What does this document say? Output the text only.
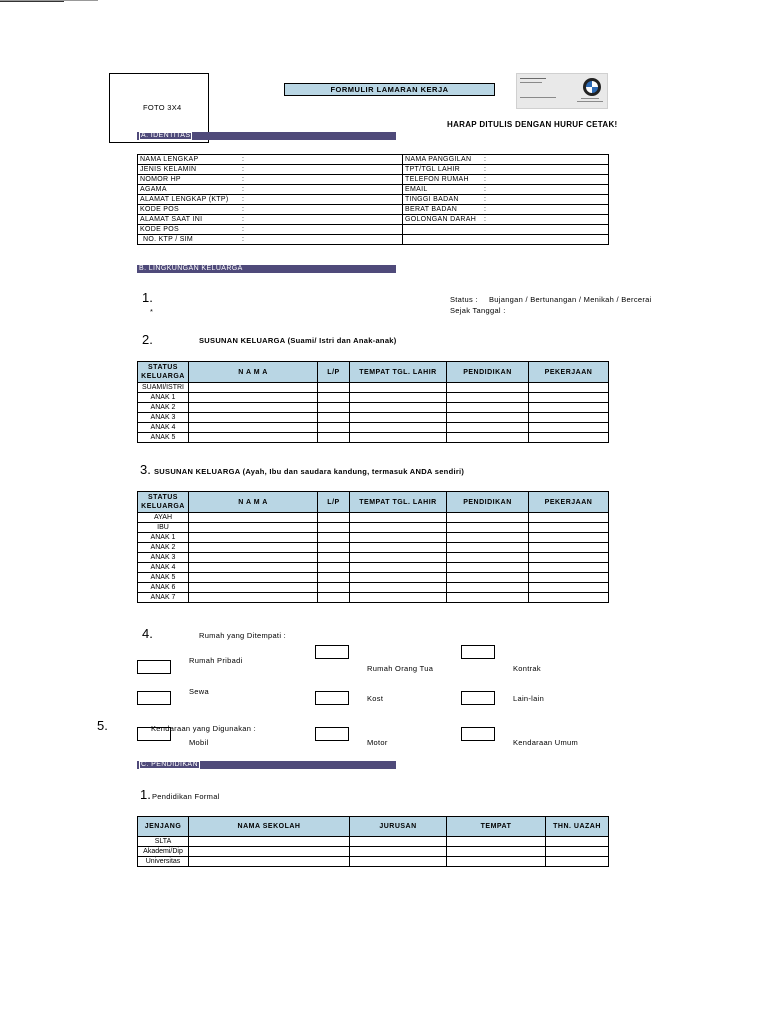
FOTO 3X4
FORMULIR LAMARAN KERJA
HARAP DITULIS DENGAN HURUF CETAK!
A. IDENTITAS
NAMA LENGKAP	:	NAMA PANGGILAN	:
JENIS KELAMIN	:	TPT/TGL LAHIR	:
NOMOR HP	:	TELEFON RUMAH	:
AGAMA	:	EMAIL	:
ALAMAT LENGKAP (KTP)	:	TINGGI BADAN	:
KODE POS	:	BERAT BADAN	:
ALAMAT SAAT INI	:	GOLONGAN DARAH	:
KODE POS	:		
NO. KTP / SIM	:		
B. LINGKUNGAN KELUARGA
1.
*
Status : Bujangan / Bertunangan / Menikah / Bercerai
Sejak Tanggal :
2.	SUSUNAN KELUARGA (Suami/ Istri dan Anak-anak)
STATUS KELUARGA	N A M A	L/P	TEMPAT TGL. LAHIR	PENDIDIKAN	PEKERJAAN
SUAMI/ISTRI					
ANAK 1					
ANAK 2					
ANAK 3					
ANAK 4					
ANAK 5					
3. SUSUNAN KELUARGA (Ayah, Ibu dan saudara kandung, termasuk ANDA sendiri)
STATUS KELUARGA	N A M A	L/P	TEMPAT TGL. LAHIR	PENDIDIKAN	PEKERJAAN
AYAH					
IBU					
ANAK 1					
ANAK 2					
ANAK 3					
ANAK 4					
ANAK 5					
ANAK 6					
ANAK 7					
4.	Rumah yang Ditempati :
Rumah Pribadi
Rumah Orang Tua	Kontrak
Sewa
Kost	Lain-lain
5.	Kendaraan yang Digunakan :
Mobil	Motor	Kendaraan Umum
C. PENDIDIKAN
1. Pendidikan Formal
JENJANG	NAMA SEKOLAH	JURUSAN	TEMPAT	THN. UAZAH
SLTA				
Akademi/Dip				
Universitas				
